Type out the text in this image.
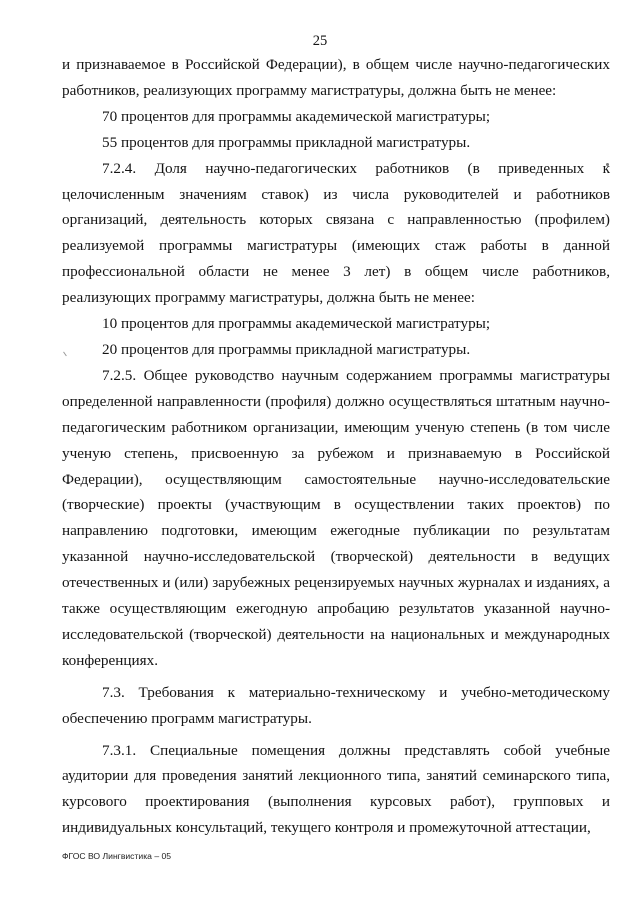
25

и признаваемое в Российской Федерации), в общем числе научно-педагогических работников, реализующих программу магистратуры, должна быть не менее:

70 процентов для программы академической магистратуры;

55 процентов для программы прикладной магистратуры.

7.2.4. Доля научно-педагогических работников (в приведенных к целочисленным значениям ставок) из числа руководителей и работников организаций, деятельность которых связана с направленностью (профилем) реализуемой программы магистратуры (имеющих стаж работы в данной профессиональной области не менее 3 лет) в общем числе работников, реализующих программу магистратуры, должна быть не менее:

10 процентов для программы академической магистратуры;

20 процентов для программы прикладной магистратуры.

7.2.5. Общее руководство научным содержанием программы магистратуры определенной направленности (профиля) должно осуществляться штатным научно-педагогическим работником организации, имеющим ученую степень (в том числе ученую степень, присвоенную за рубежом и признаваемую в Российской Федерации), осуществляющим самостоятельные научно-исследовательские (творческие) проекты (участвующим в осуществлении таких проектов) по направлению подготовки, имеющим ежегодные публикации по результатам указанной научно-исследовательской (творческой) деятельности в ведущих отечественных и (или) зарубежных рецензируемых научных журналах и изданиях, а также осуществляющим ежегодную апробацию результатов указанной научно-исследовательской (творческой) деятельности на национальных и международных конференциях.

7.3. Требования к материально-техническому и учебно-методическому обеспечению программ магистратуры.

7.3.1. Специальные помещения должны представлять собой учебные аудитории для проведения занятий лекционного типа, занятий семинарского типа, курсового проектирования (выполнения курсовых работ), групповых и индивидуальных консультаций, текущего контроля и промежуточной аттестации,

ФГОС ВО Лингвистика – 05
